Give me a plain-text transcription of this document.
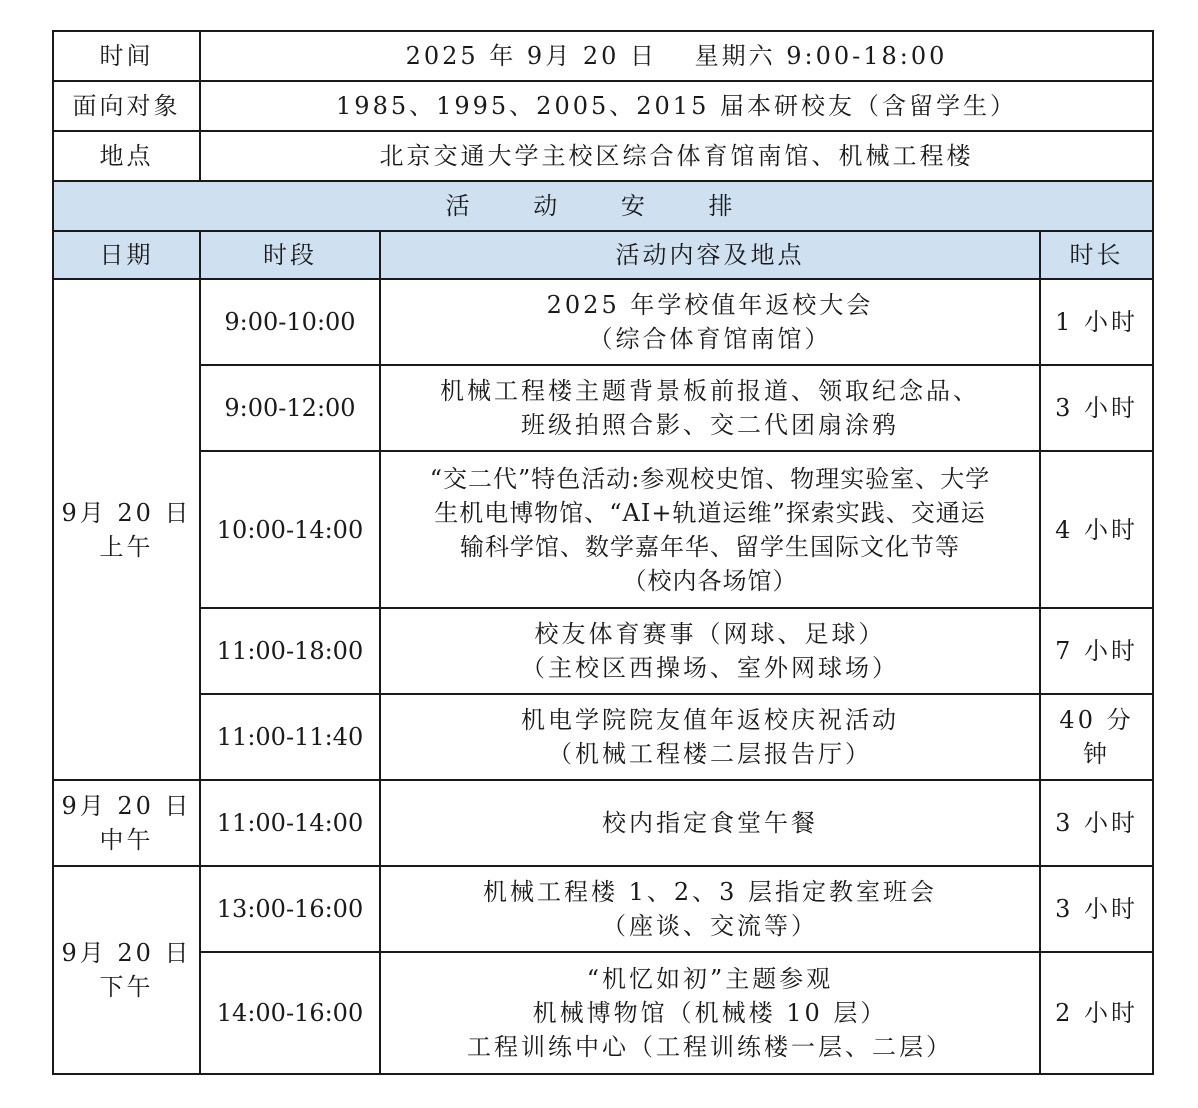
时间	2025 年 9月 20 日　 星期六 9:00-18:00		
面向对象	1985、1995、2005、2015 届本研校友（含留学生）		
地点	北京交通大学主校区综合体育馆南馆、机械工程楼		
活 动 安 排			
日期	时段	活动内容及地点	时长

9月 20 日
上午	9:00-10:00	2025 年学校值年返校大会
（综合体育馆南馆）	1 小时
	9:00-12:00	机械工程楼主题背景板前报道、领取纪念品、
班级拍照合影、交二代团扇涂鸦	3 小时
	10:00-14:00	“交二代”特色活动:参观校史馆、物理实验室、大学
生机电博物馆、“AI+轨道运维”探索实践、交通运
输科学馆、数学嘉年华、留学生国际文化节等
（校内各场馆）	4 小时
	11:00-18:00	校友体育赛事（网球、足球）
（主校区西操场、室外网球场）	7 小时
	11:00-11:40	机电学院院友值年返校庆祝活动
（机械工程楼二层报告厅）	40 分
钟

9月 20 日
中午	11:00-14:00	校内指定食堂午餐	3 小时

9月 20 日
下午	13:00-16:00	机械工程楼 1、2、3 层指定教室班会
（座谈、交流等）	3 小时
	14:00-16:00	“机忆如初”主题参观
机械博物馆（机械楼 10 层）
工程训练中心（工程训练楼一层、二层）	2 小时
